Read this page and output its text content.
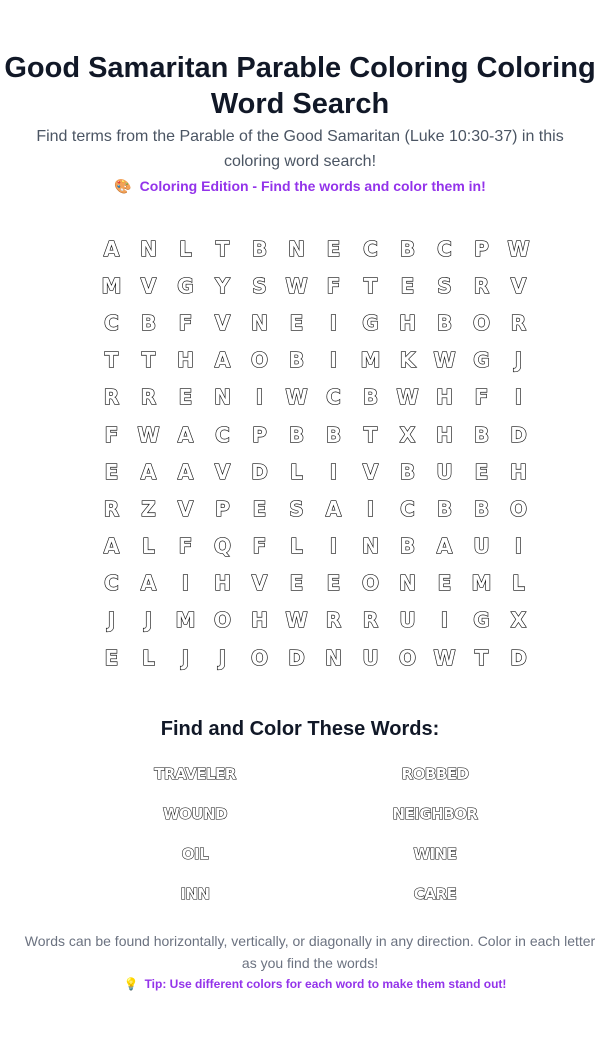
Good Samaritan Parable Coloring Coloring Word Search
Find terms from the Parable of the Good Samaritan (Luke 10:30-37) in this coloring word search!
🎨 Coloring Edition - Find the words and color them in!
A	N	L	T	B	N	E	C	B	C	P W
M V	G	Y	S W F	T	E	S	R	V
C	B	F	V	N	E	I	G	H	B	O	R
T	T	H	A	O	B	I	M K W G	J
R	R	E	N	I	W C	B W H	F	I
F W A	C	P	B	B	T	X	H	B	D
E	A	A	V	D	L	I	V	B	U	E	H
R	Z	V	P	E	S	A	I	C	B	B	O
A	L	F	Q	F	L	I	N	B	A	U	I
C	A	I	H	V	E	E	O	N	E	M	L
J	J	M O	H W R	R	U	I	G	X
E	L	J	J	O	D	N	U	O W T	D
Find and Color These Words:
TRAVELER	ROBBED
WOUND	NEIGHBOR
OIL	WINE
INN	CARE
Words can be found horizontally, vertically, or diagonally in any direction. Color in each letter as you find the words!
💡 Tip: Use different colors for each word to make them stand out!
